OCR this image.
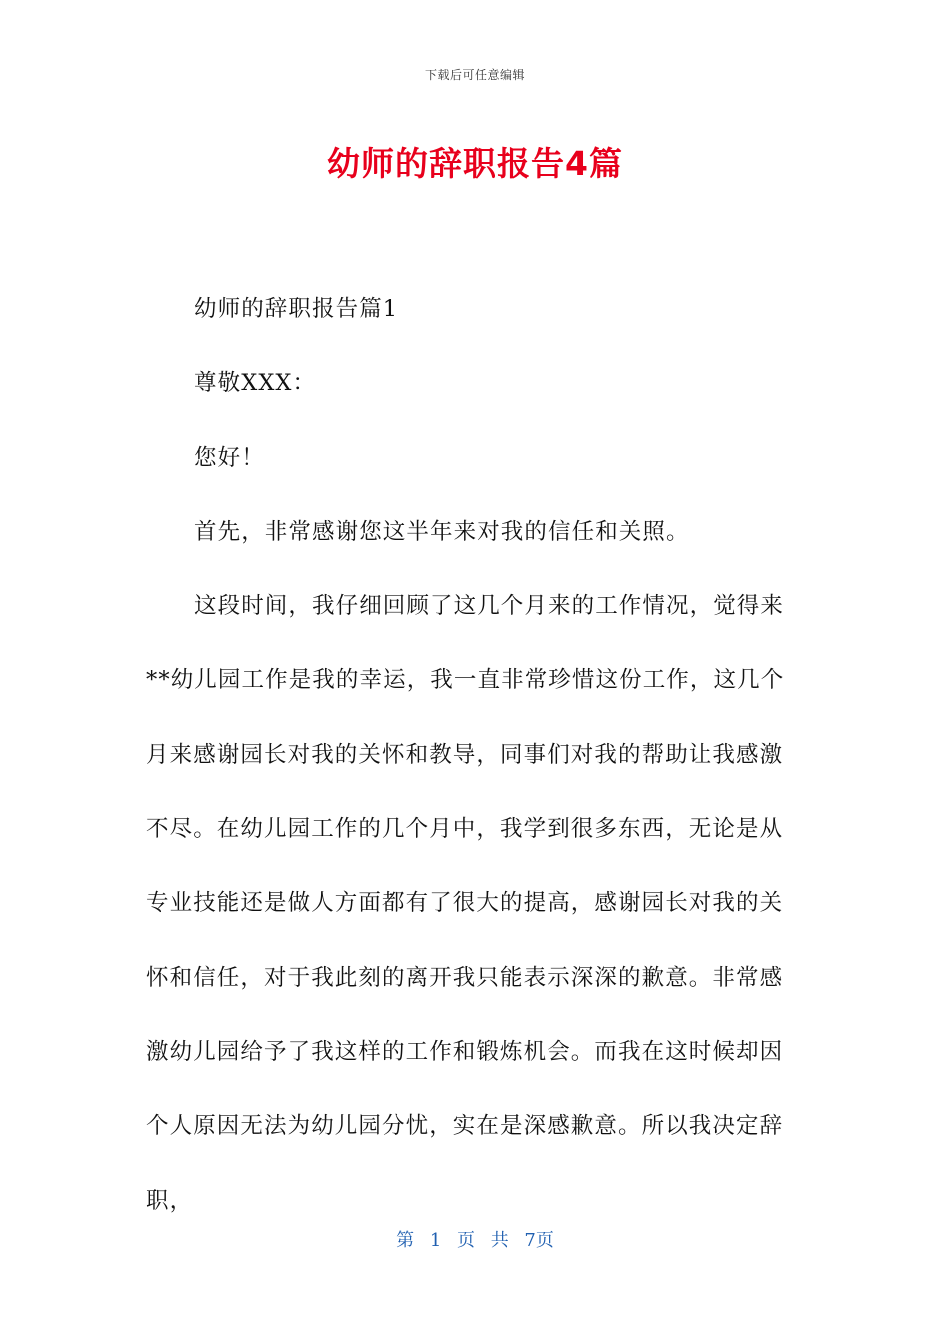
下载后可任意编辑
幼师的辞职报告4篇

幼师的辞职报告篇1

尊敬XXX：

您好！

首先，非常感谢您这半年来对我的信任和关照。

这段时间，我仔细回顾了这几个月来的工作情况，觉得来**幼儿园工作是我的幸运，我一直非常珍惜这份工作，这几个月来感谢园长对我的关怀和教导，同事们对我的帮助让我感激不尽。在幼儿园工作的几个月中，我学到很多东西，无论是从专业技能还是做人方面都有了很大的提高，感谢园长对我的关怀和信任，对于我此刻的离开我只能表示深深的歉意。非常感激幼儿园给予了我这样的工作和锻炼机会。而我在这时候却因个人原因无法为幼儿园分忧，实在是深感歉意。所以我决定辞职，

第 1 页 共 7页
